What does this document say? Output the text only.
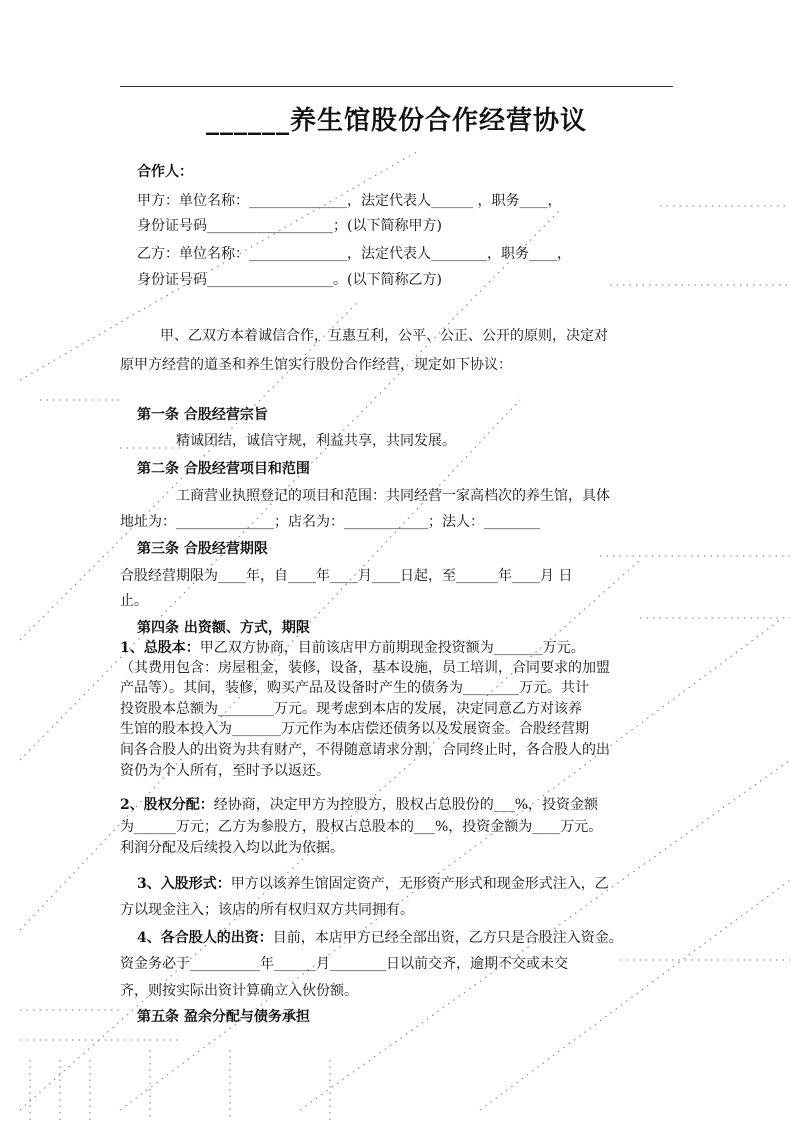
______养生馆股份合作经营协议
合作人：
甲方：单位名称：______________，法定代表人______ ，职务____，
身份证号码__________________；(以下简称甲方)
乙方：单位名称：______________，法定代表人________，职务____，
身份证号码__________________。(以下简称乙方)
甲、乙双方本着诚信合作，互惠互利，公平、公正、公开的原则，决定对
原甲方经营的道圣和养生馆实行股份合作经营，现定如下协议：
第一条 合股经营宗旨
精诚团结，诚信守规，利益共享，共同发展。
第二条 合股经营项目和范围
工商营业执照登记的项目和范围：共同经营一家高档次的养生馆，具体
地址为：______________；店名为：____________；法人：________
第三条 合股经营期限
合股经营期限为____年，自____年____月____日起，至______年____月 日
止。
第四条 出资额、方式，期限
1、总股本：甲乙双方协商，目前该店甲方前期现金投资额为_______万元。
（其费用包含：房屋租金，装修，设备，基本设施，员工培训，合同要求的加盟
产品等）。其间，装修，购买产品及设备时产生的债务为________万元。共计
投资股本总额为________万元。现考虑到本店的发展，决定同意乙方对该养
生馆的股本投入为_______万元作为本店偿还债务以及发展资金。合股经营期
间各合股人的出资为共有财产，不得随意请求分割，合同终止时，各合股人的出
资仍为个人所有，至时予以返还。
2、股权分配：经协商，决定甲方为控股方，股权占总股份的___%，投资金额
为______万元；乙方为参股方，股权占总股本的___%，投资金额为____万元。
利润分配及后续投入均以此为依据。
3、入股形式：甲方以该养生馆固定资产，无形资产形式和现金形式注入，乙
方以现金注入；该店的所有权归双方共同拥有。
4、各合股人的出资：目前，本店甲方已经全部出资，乙方只是合股注入资金。
资金务必于__________年______月________日以前交齐，逾期不交或未交
齐，则按实际出资计算确立入伙份额。
第五条 盈余分配与债务承担
